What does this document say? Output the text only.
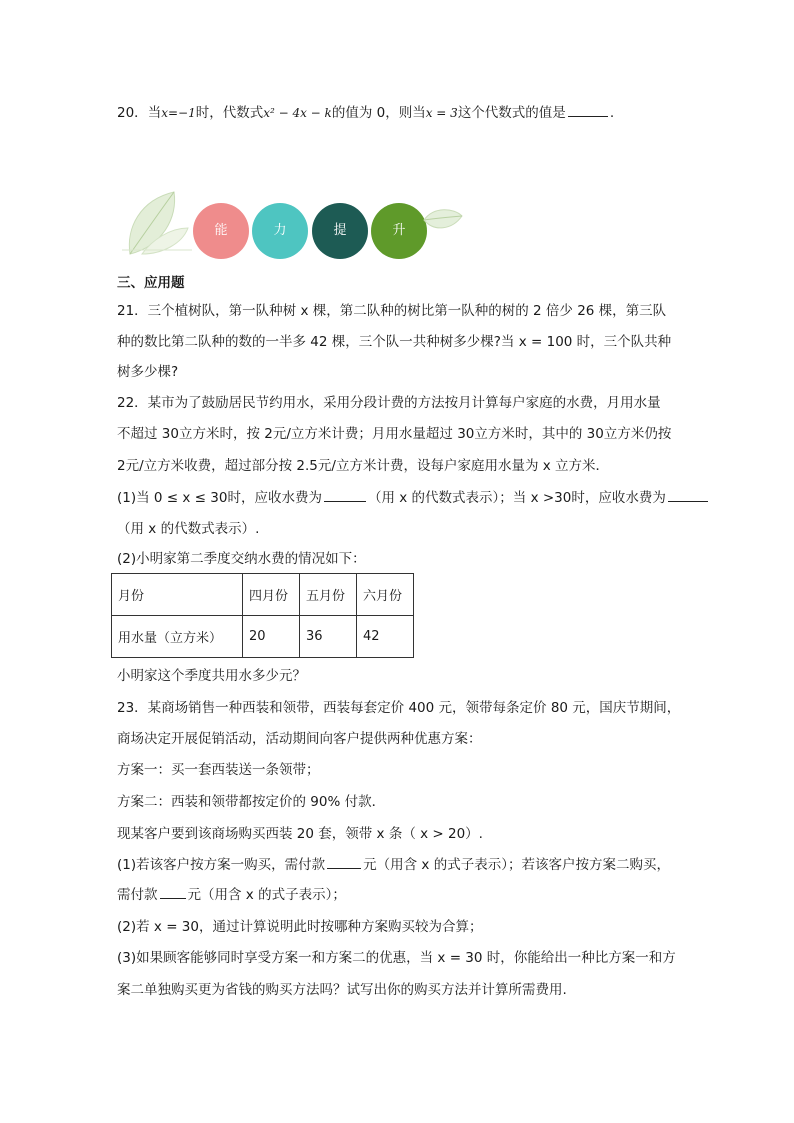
20．当x=−1时，代数式x² − 4x − k的值为 0，则当x = 3这个代数式的值是	.
能	力	提	升
三、应用题
21．三个植树队，第一队种树 x 棵，第二队种的树比第一队种的树的 2 倍少 26 棵，第三队
种的数比第二队种的数的一半多 42 棵，三个队一共种树多少棵?当 x = 100 时，三个队共种
树多少棵?
22．某市为了鼓励居民节约用水，采用分段计费的方法按月计算每户家庭的水费，月用水量
不超过 30立方米时，按 2元/立方米计费；月用水量超过 30立方米时，其中的 30立方米仍按
2元/立方米收费，超过部分按 2.5元/立方米计费，设每户家庭用水量为 x 立方米．
(1)当 0 ≤ x ≤ 30时，应收水费为	（用 x 的代数式表示）；当 x >30时，应收水费为
（用 x 的代数式表示）.
(2)小明家第二季度交纳水费的情况如下：
月份	四月份	五月份	六月份
用水量（立方米）	20	36	42
小明家这个季度共用水多少元？
23．某商场销售一种西装和领带，西装每套定价 400 元，领带每条定价 80 元，国庆节期间，
商场决定开展促销活动，活动期间向客户提供两种优惠方案：
方案一：买一套西装送一条领带；
方案二：西装和领带都按定价的 90% 付款．
现某客户要到该商场购买西装 20 套，领带 x 条（ x > 20）.
(1)若该客户按方案一购买，需付款	元（用含 x 的式子表示）；若该客户按方案二购买，
需付款 元（用含 x 的式子表示）；
(2)若 x = 30，通过计算说明此时按哪种方案购买较为合算；
(3)如果顾客能够同时享受方案一和方案二的优惠，当 x = 30 时，你能给出一种比方案一和方
案二单独购买更为省钱的购买方法吗？试写出你的购买方法并计算所需费用.
